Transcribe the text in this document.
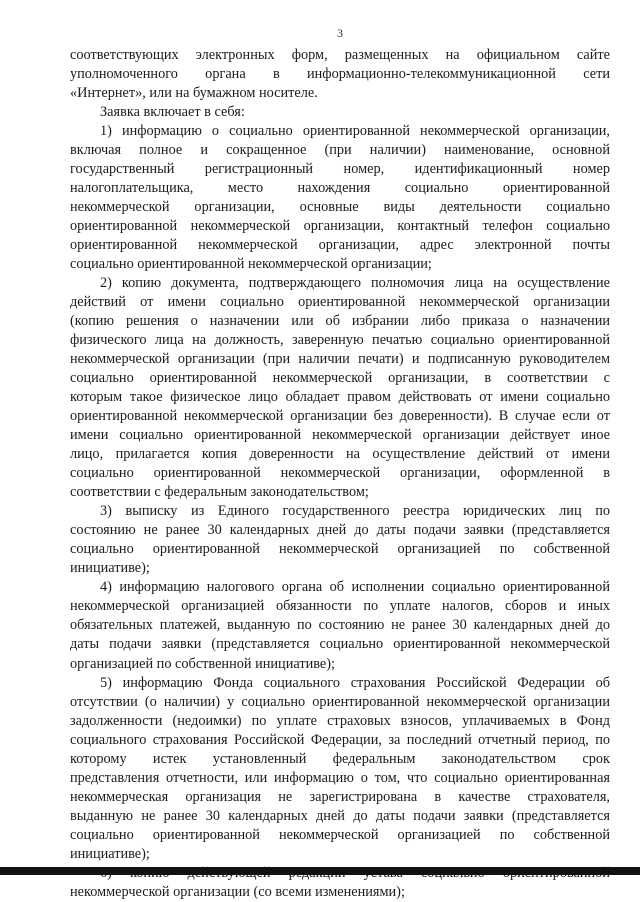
3
соответствующих электронных форм, размещенных на официальном сайте
уполномоченного органа в информационно-телекоммуникационной сети
«Интернет», или на бумажном носителе.
Заявка включает в себя:
1) информацию о социально ориентированной некоммерческой организации,
включая полное и сокращенное (при наличии) наименование, основной
государственный регистрационный номер, идентификационный номер
налогоплательщика, место нахождения социально ориентированной
некоммерческой организации, основные виды деятельности социально
ориентированной некоммерческой организации, контактный телефон социально
ориентированной некоммерческой организации, адрес электронной почты
социально ориентированной некоммерческой организации;
2) копию документа, подтверждающего полномочия лица на осуществление
действий от имени социально ориентированной некоммерческой организации
(копию решения о назначении или об избрании либо приказа о назначении
физического лица на должность, заверенную печатью социально ориентированной
некоммерческой организации (при наличии печати) и подписанную руководителем
социально ориентированной некоммерческой организации, в соответствии с
которым такое физическое лицо обладает правом действовать от имени социально
ориентированной некоммерческой организации без доверенности). В случае если от
имени социально ориентированной некоммерческой организации действует иное
лицо, прилагается копия доверенности на осуществление действий от имени
социально ориентированной некоммерческой организации, оформленной в
соответствии с федеральным законодательством;
3) выписку из Единого государственного реестра юридических лиц по
состоянию не ранее 30 календарных дней до даты подачи заявки (представляется
социально ориентированной некоммерческой организацией по собственной
инициативе);
4) информацию налогового органа об исполнении социально ориентированной
некоммерческой организацией обязанности по уплате налогов, сборов и иных
обязательных платежей, выданную по состоянию не ранее 30 календарных дней до
даты подачи заявки (представляется социально ориентированной некоммерческой
организацией по собственной инициативе);
5) информацию Фонда социального страхования Российской Федерации об
отсутствии (о наличии) у социально ориентированной некоммерческой организации
задолженности (недоимки) по уплате страховых взносов, уплачиваемых в Фонд
социального страхования Российской Федерации, за последний отчетный период, по
которому истек установленный федеральным законодательством срок
представления отчетности, или информацию о том, что социально ориентированная
некоммерческая организация не зарегистрирована в качестве страхователя,
выданную не ранее 30 календарных дней до даты подачи заявки (представляется
социально ориентированной некоммерческой организацией по собственной
инициативе);
некоммерческой организации (со всеми изменениями);
